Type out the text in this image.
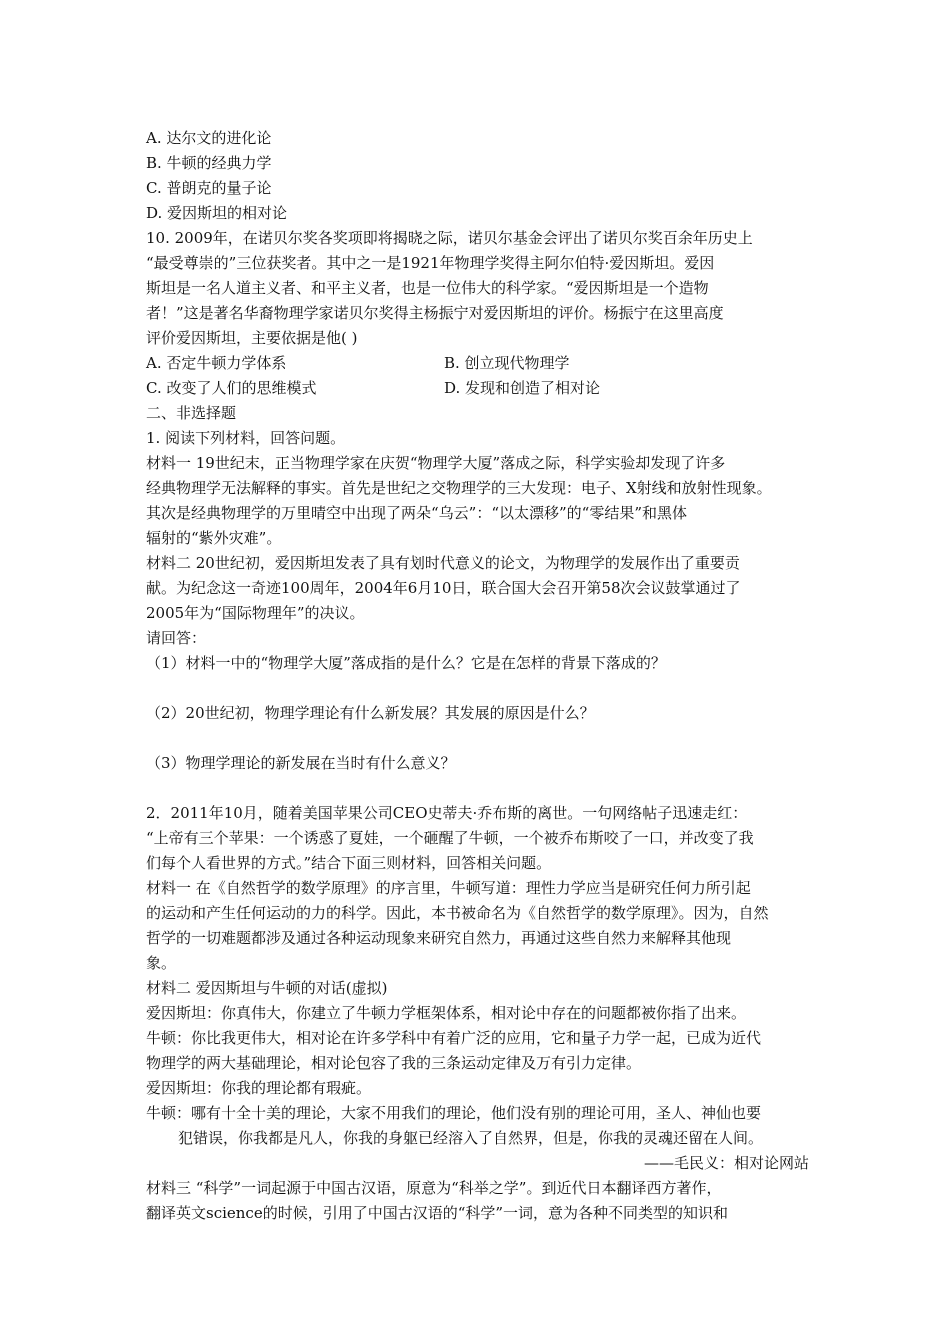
A. 达尔文的进化论
B. 牛顿的经典力学
C. 普朗克的量子论
D. 爱因斯坦的相对论
10. 2009年，在诺贝尔奖各奖项即将揭晓之际，诺贝尔基金会评出了诺贝尔奖百余年历史上
“最受尊崇的”三位获奖者。其中之一是1921年物理学奖得主阿尔伯特·爱因斯坦。爱因
斯坦是一名人道主义者、和平主义者，也是一位伟大的科学家。“爱因斯坦是一个造物
者！”这是著名华裔物理学家诺贝尔奖得主杨振宁对爱因斯坦的评价。杨振宁在这里高度
评价爱因斯坦，主要依据是他( )
A. 否定牛顿力学体系	B. 创立现代物理学
C. 改变了人们的思维模式	D. 发现和创造了相对论
二、非选择题
1. 阅读下列材料，回答问题。
材料一 19世纪末，正当物理学家在庆贺“物理学大厦”落成之际，科学实验却发现了许多
经典物理学无法解释的事实。首先是世纪之交物理学的三大发现：电子、X射线和放射性现象。
其次是经典物理学的万里晴空中出现了两朵“乌云”：“以太漂移”的“零结果”和黑体
辐射的“紫外灾难”。
材料二 20世纪初，爱因斯坦发表了具有划时代意义的论文，为物理学的发展作出了重要贡
献。为纪念这一奇迹100周年，2004年6月10日，联合国大会召开第58次会议鼓掌通过了
2005年为“国际物理年”的决议。
请回答：
（1）材料一中的“物理学大厦”落成指的是什么？它是在怎样的背景下落成的？
（2）20世纪初，物理学理论有什么新发展？其发展的原因是什么？
（3）物理学理论的新发展在当时有什么意义？
2．2011年10月，随着美国苹果公司CEO史蒂夫·乔布斯的离世。一句网络帖子迅速走红：
“上帝有三个苹果：一个诱惑了夏娃，一个砸醒了牛顿，一个被乔布斯咬了一口，并改变了我
们每个人看世界的方式。”结合下面三则材料，回答相关问题。
材料一 在《自然哲学的数学原理》的序言里，牛顿写道：理性力学应当是研究任何力所引起
的运动和产生任何运动的力的科学。因此，本书被命名为《自然哲学的数学原理》。因为，自然
哲学的一切难题都涉及通过各种运动现象来研究自然力，再通过这些自然力来解释其他现
象。
材料二 爱因斯坦与牛顿的对话(虚拟)
爱因斯坦：你真伟大，你建立了牛顿力学框架体系，相对论中存在的问题都被你指了出来。
牛顿：你比我更伟大，相对论在许多学科中有着广泛的应用，它和量子力学一起，已成为近代
物理学的两大基础理论，相对论包容了我的三条运动定律及万有引力定律。
爱因斯坦：你我的理论都有瑕疵。
牛顿：哪有十全十美的理论，大家不用我们的理论，他们没有别的理论可用，圣人、神仙也要
犯错误，你我都是凡人，你我的身躯已经溶入了自然界，但是，你我的灵魂还留在人间。
——毛民义：相对论网站
材料三 “科学”一词起源于中国古汉语，原意为“科举之学”。到近代日本翻译西方著作，
翻译英文science的时候，引用了中国古汉语的“科学”一词，意为各种不同类型的知识和
